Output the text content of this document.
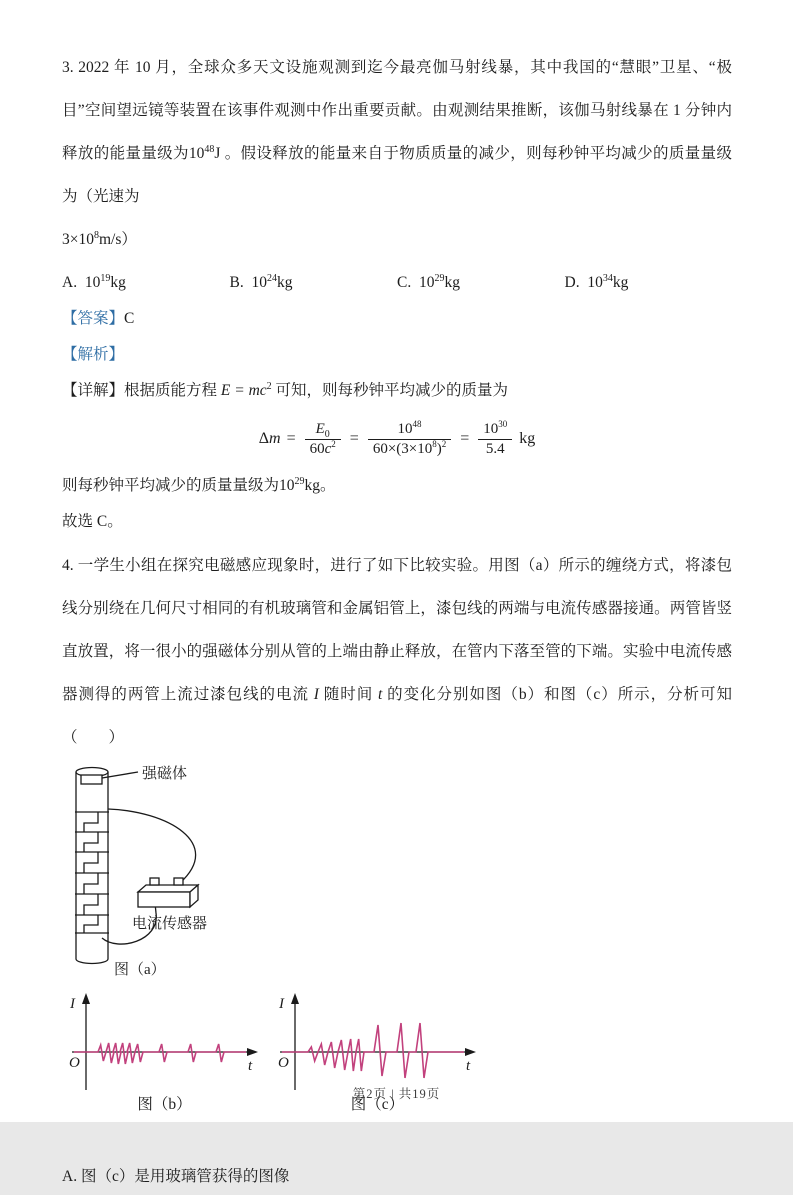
3. 2022 年 10 月，全球众多天文设施观测到迄今最亮伽马射线暴，其中我国的“慧眼”卫星、“极目”空间望远镜等装置在该事件观测中作出重要贡献。由观测结果推断，该伽马射线暴在 1 分钟内释放的能量量级为$10^{48}J$ 。假设释放的能量来自于物质质量的减少，则每秒钟平均减少的质量量级为（光速为

$3\times 10^8m/s$）
A. $10^{19}kg$	B. $10^{24}kg$	C. $10^{29}kg$	D. $10^{34}kg$
【答案】C
【解析】
【详解】根据质能方程 $E = mc^2$ 可知，则每秒钟平均减少的质量为
$\Delta m = \frac{E_0}{60c^2} = \frac{10^{48}}{60\times(3\times 10^8)^2} = \frac{10^{30}}{5.4}$ kg
则每秒钟平均减少的质量量级为$10^{29}kg$。
故选 C。

4. 一学生小组在探究电磁感应现象时，进行了如下比较实验。用图（a）所示的缠绕方式，将漆包线分别绕在几何尺寸相同的有机玻璃管和金属铝管上，漆包线的两端与电流传感器接通。两管皆竖直放置，将一很小的强磁体分别从管的上端由静止释放，在管内下落至管的下端。实验中电流传感器测得的两管上流过漆包线的电流 I 随时间 t 的变化分别如图（b）和图（c）所示，分析可知（　　）

强磁体
电流传感器
图（a）
I
O	t
图（b）
I
O	t
图（c）
A. 图（c）是用玻璃管获得的图像
第2页 | 共19页
